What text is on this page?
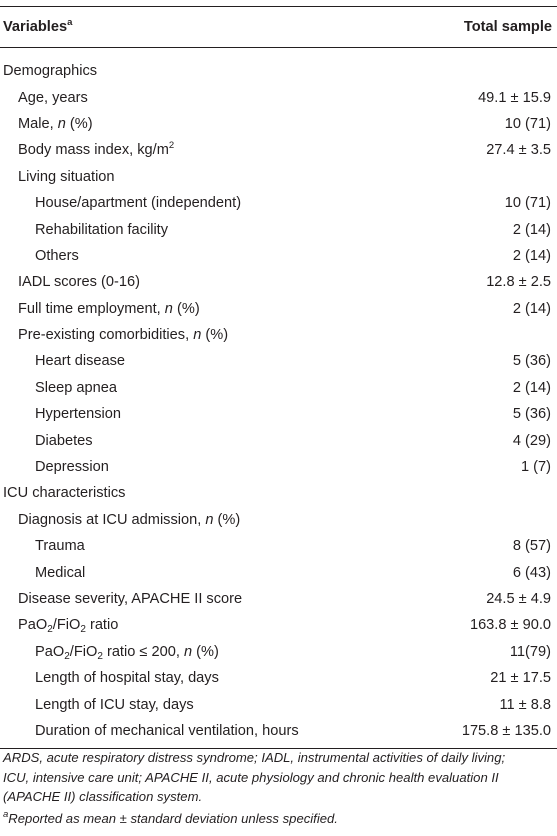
Variables$^a$	Total sample
Demographics	
Age, years	49.1 ± 15.9
Male, n (%)	10 (71)
Body mass index, $kg/m^2$	27.4 ± 3.5
Living situation	
House/apartment (independent)	10 (71)
Rehabilitation facility	2 (14)
Others	2 (14)
IADL scores (0-16)	12.8 ± 2.5
Full time employment, n (%)	2 (14)
Pre-existing comorbidities, n (%)	
Heart disease	5 (36)
Sleep apnea	2 (14)
Hypertension	5 (36)
Diabetes	4 (29)
Depression	1 (7)
ICU characteristics	
Diagnosis at ICU admission, n (%)	
Trauma	8 (57)
Medical	6 (43)
Disease severity, APACHE II score	24.5 ± 4.9
PaO$_2$/FiO$_2$ ratio	163.8 ± 90.0
PaO$_2$/FiO$_2$ ratio ≤ 200, n (%)	11(79)
Length of hospital stay, days	21 ± 17.5
Length of ICU stay, days	11 ± 8.8
Duration of mechanical ventilation, hours	175.8 ± 135.0
ARDS, acute respiratory distress syndrome; IADL, instrumental activities of daily living;
ICU, intensive care unit; APACHE II, acute physiology and chronic health evaluation II
(APACHE II) classification system.
$^a$Reported as mean ± standard deviation unless specified.
